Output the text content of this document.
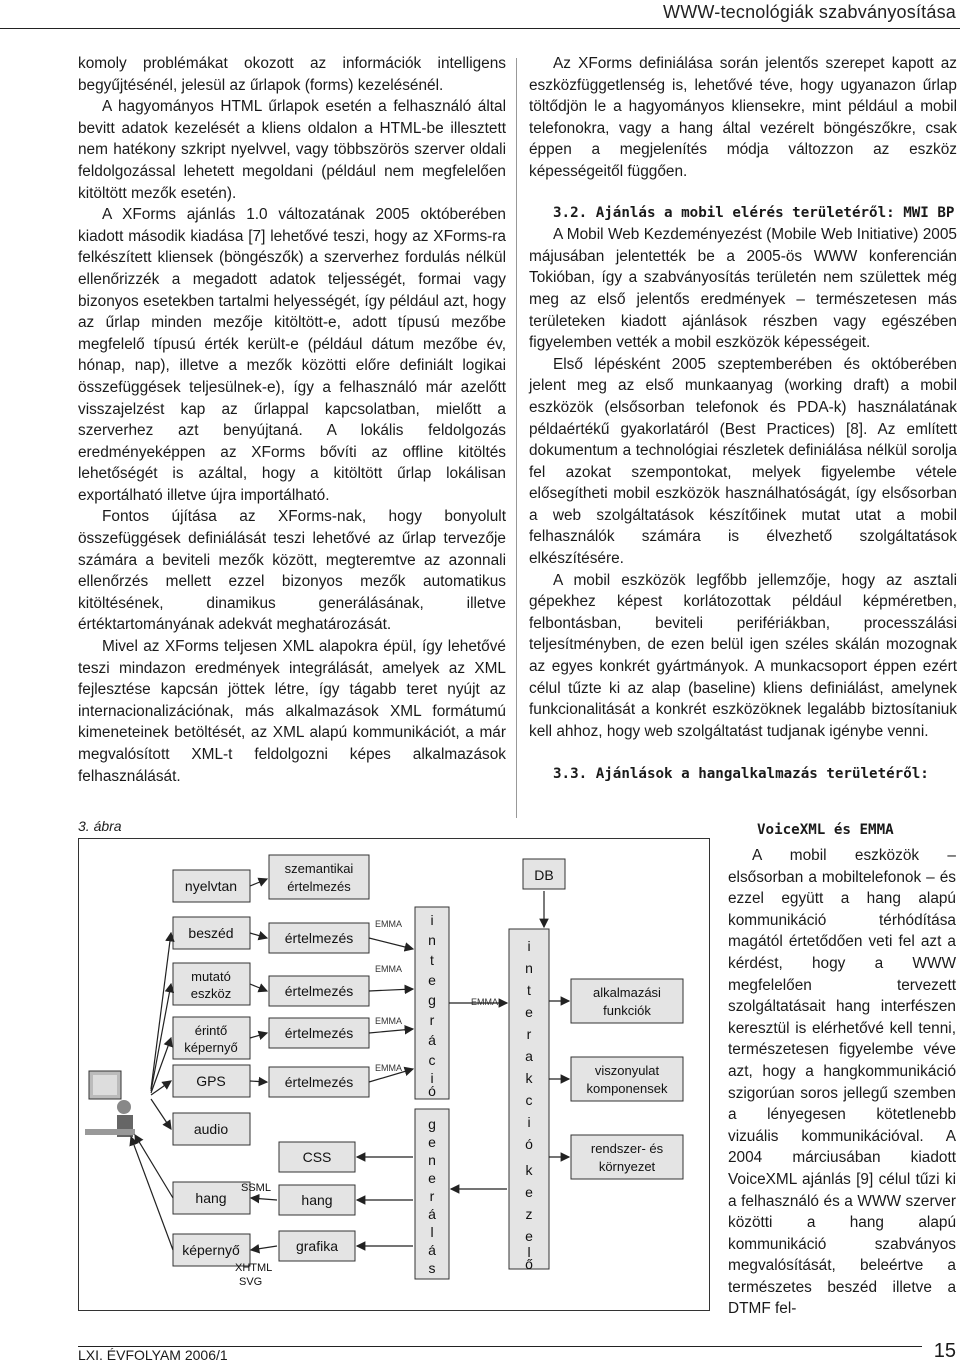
WWW-tecnológiák szabványosítása

komoly problémákat okozott az információk intelligens begyűjtésénél, jelesül az űrlapok (forms) kezelésénél.

A hagyományos HTML űrlapok esetén a felhasználó által bevitt adatok kezelését a kliens oldalon a HTML-be illesztett nem hatékony szkript nyelvvel, vagy többszörös szerver oldali feldolgozással lehetett megoldani (például nem megfelelően kitöltött mezők esetén).

A XForms ajánlás 1.0 változatának 2005 októberében kiadott második kiadása [7] lehetővé teszi, hogy az XForms-ra felkészített kliensek (böngészők) a szerverhez fordulás nélkül ellenőrizzék a megadott adatok teljességét, formai vagy bizonyos esetekben tartalmi helyességét, így például azt, hogy az űrlap minden mezője kitöltött-e, adott típusú mezőbe megfelelő típusú érték került-e (például dátum mezőbe év, hónap, nap), illetve a mezők közötti előre definiált logikai összefüggések teljesülnek-e), így a felhasználó már azelőtt visszajelzést kap az űrlappal kapcsolatban, mielőtt a szerverhez azt benyújtaná. A lokális feldolgozás eredményeképpen az XForms bővíti az offline kitöltés lehetőségét is azáltal, hogy a kitöltött űrlap lokálisan exportálható illetve újra importálható.

Fontos újítása az XForms-nak, hogy bonyolult összefüggések definiálását teszi lehetővé az űrlap tervezője számára a beviteli mezők között, megteremtve az azonnali ellenőrzés mellett ezzel bizonyos mezők automatikus kitöltésének, dinamikus generálásának, illetve értéktartományának adekvát meghatározását.

Mivel az XForms teljesen XML alapokra épül, így lehetővé teszi mindazon eredmények integrálását, amelyek az XML fejlesztése kapcsán jöttek létre, így tágabb teret nyújt az internacionalizációnak, más alkalmazások XML formátumú kimeneteinek betöltését, az XML alapú kommunikációt, a már megvalósított XML-t feldolgozni képes alkalmazások felhasználását.

Az XForms definiálása során jelentős szerepet kapott az eszközfüggetlenség is, lehetővé téve, hogy ugyanazon űrlap töltődjön le a hagyományos kliensekre, mint például a mobil telefonokra, vagy a hang által vezérelt böngészőkre, csak éppen a megjelenítés módja változzon az eszköz képességeitől függően.

3.2. Ajánlás a mobil elérés területéről: MWI BP

A Mobil Web Kezdeményezést (Mobile Web Initiative) 2005 májusában jelentették be a 2005-ös WWW konferencián Tokióban, így a szabványosítás területén nem születtek még meg az első jelentős eredmények – természetesen más területeken kiadott ajánlások részben vagy egészében figyelemben vették a mobil eszközök képességeit.

Első lépésként 2005 szeptemberében és októberében jelent meg az első munkaanyag (working draft) a mobil eszközök (elsősorban telefonok és PDA-k) használatának példaértékű gyakorlatáról (Best Practices) [8]. Az említett dokumentum a technológiai részletek definiálása nélkül sorolja fel azokat szempontokat, melyek figyelembe vétele elősegítheti mobil eszközök használhatóságát, így elsősorban a web szolgáltatások készítőinek mutat utat a mobil felhasználók számára is élvezhető szolgáltatások elkészítésére.

A mobil eszközök legfőbb jellemzője, hogy az asztali gépekhez képest korlátozottak például képméretben, felbontásban, beviteli perifériákban, processzálási teljesítményben, de ezen belül igen széles skálán mozognak az egyes konkrét gyártmányok. A munkacsoport éppen ezért célul tűzte ki az alap (baseline) kliens definiálást, amelynek funkcionalitását a konkrét eszközöknek legalább biztosítaniuk kell ahhoz, hogy web szolgáltatást tudjanak igénybe venni.

3.3. Ajánlások a hangalkalmazás területéről:

VoiceXML és EMMA
3. ábra
nyelvtan
beszéd
mutató
eszköz
érintő
képernyő
GPS
audio
hang
képernyő
szemantikai
értelmezés
értelmezés
értelmezés
értelmezés
értelmezés
EMMA
EMMA
EMMA
EMMA
EMMA
i
n
t
e
g
r
á
c
i
ó
g
e
n
e
r
á
l
á
s
CSS
hang
grafika
SSML
XHTML
SVG
DB
i
n
t
e
r
a
k
c
i
ó
k
e
z
e
l
ő
alkalmazási
funkciók
viszonyulat
komponensek
rendszer- és
környezet

A mobil eszközök – elsősorban a mobiltelefonok – és ezzel együtt a hang alapú kommunikáció térhódítása magától értetődően veti fel azt a kérdést, hogy a WWW megfelelően tervezett szolgáltatásait hang interfészen keresztül is elérhetővé kell tenni, természetesen figyelembe véve azt, hogy a hangkommunikáció szigorúan soros jellegű szemben a lényegesen kötetlenebb vizuális kommunikációval. A 2004 márciusában kiadott VoiceXML ajánlás [9] célul tűzi ki a felhasználó és a WWW szerver közötti a hang alapú kommunikáció szabványos megvalósítását, beleértve a természetes beszéd illetve a DTMF fel-

LXI. ÉVFOLYAM 2006/1	15
